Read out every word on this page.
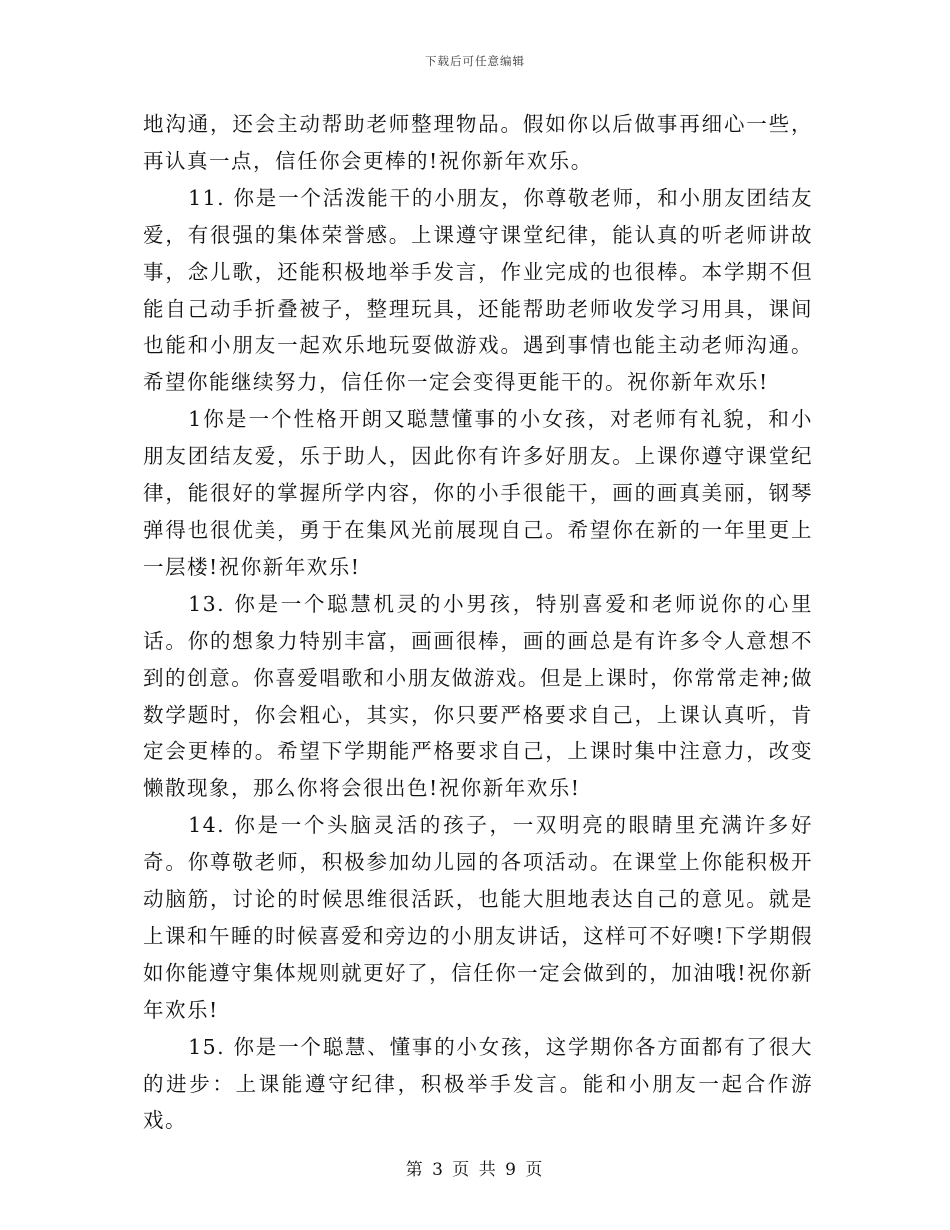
下载后可任意编辑

地沟通，还会主动帮助老师整理物品。假如你以后做事再细心一些，再认真一点，信任你会更棒的!祝你新年欢乐。

11. 你是一个活泼能干的小朋友，你尊敬老师，和小朋友团结友爱，有很强的集体荣誉感。上课遵守课堂纪律，能认真的听老师讲故事，念儿歌，还能积极地举手发言，作业完成的也很棒。本学期不但能自己动手折叠被子，整理玩具，还能帮助老师收发学习用具，课间也能和小朋友一起欢乐地玩耍做游戏。遇到事情也能主动老师沟通。希望你能继续努力，信任你一定会变得更能干的。祝你新年欢乐!

1你是一个性格开朗又聪慧懂事的小女孩，对老师有礼貌，和小朋友团结友爱，乐于助人，因此你有许多好朋友。上课你遵守课堂纪律，能很好的掌握所学内容，你的小手很能干，画的画真美丽，钢琴弹得也很优美，勇于在集风光前展现自己。希望你在新的一年里更上一层楼!祝你新年欢乐!

13. 你是一个聪慧机灵的小男孩，特别喜爱和老师说你的心里话。你的想象力特别丰富，画画很棒，画的画总是有许多令人意想不到的创意。你喜爱唱歌和小朋友做游戏。但是上课时，你常常走神;做数学题时，你会粗心，其实，你只要严格要求自己，上课认真听，肯定会更棒的。希望下学期能严格要求自己，上课时集中注意力，改变懒散现象，那么你将会很出色!祝你新年欢乐!

14. 你是一个头脑灵活的孩子，一双明亮的眼睛里充满许多好奇。你尊敬老师，积极参加幼儿园的各项活动。在课堂上你能积极开动脑筋，讨论的时候思维很活跃，也能大胆地表达自己的意见。就是上课和午睡的时候喜爱和旁边的小朋友讲话，这样可不好噢!下学期假如你能遵守集体规则就更好了，信任你一定会做到的，加油哦!祝你新年欢乐!

15. 你是一个聪慧、懂事的小女孩，这学期你各方面都有了很大的进步：上课能遵守纪律，积极举手发言。能和小朋友一起合作游戏。

第 3 页 共 9 页
